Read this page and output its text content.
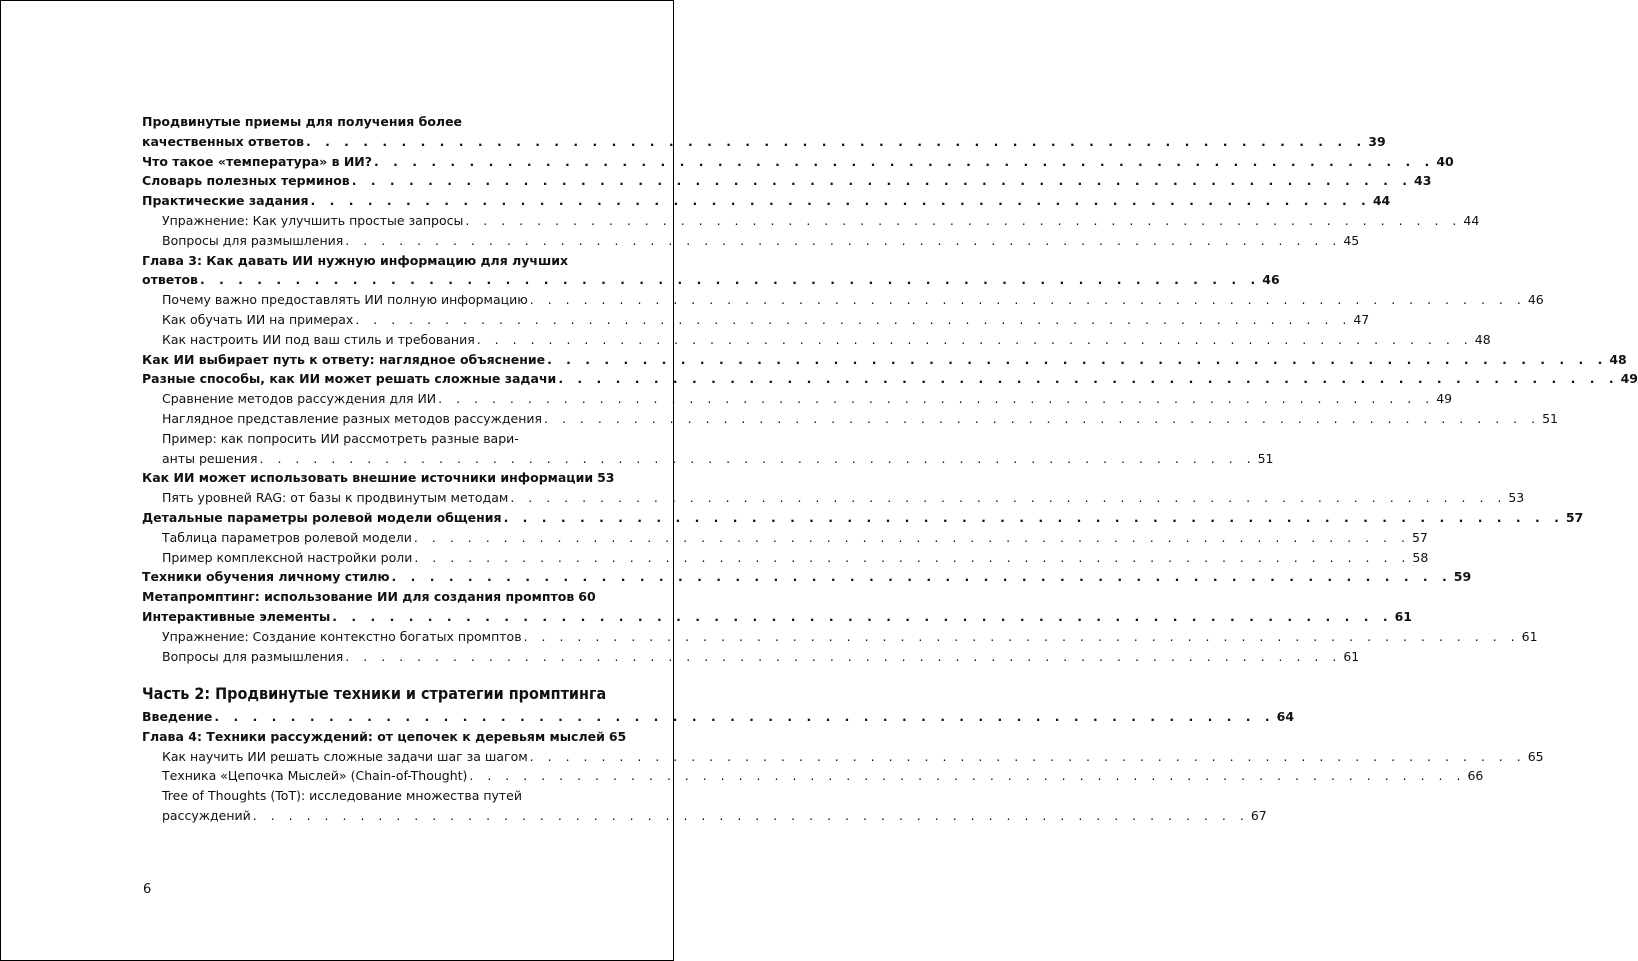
Продвинутые приемы для получения более
качественных ответов . . . . . . . . . . . . . . . . . . . . . . . . . . . . . . . . . . . . . . . . . . . . . . . . . . . . . . . . 39
Что такое «температура» в ИИ? . . . . . . . . . . . . . . . . . . . . . . . . . . . . . . . . . . . . . . . . . . . . . . . . . . . . . . . . 40
Словарь полезных терминов . . . . . . . . . . . . . . . . . . . . . . . . . . . . . . . . . . . . . . . . . . . . . . . . . . . . . . . . 43
Практические задания . . . . . . . . . . . . . . . . . . . . . . . . . . . . . . . . . . . . . . . . . . . . . . . . . . . . . . . . 44
Упражнение: Как улучшить простые запросы . . . . . . . . . . . . . . . . . . . . . . . . . . . . . . . . . . . . . . . . . . . . . . . . . . . . . . . . 44
Вопросы для размышления . . . . . . . . . . . . . . . . . . . . . . . . . . . . . . . . . . . . . . . . . . . . . . . . . . . . . . . . 45
Глава 3: Как давать ИИ нужную информацию для лучших
ответов . . . . . . . . . . . . . . . . . . . . . . . . . . . . . . . . . . . . . . . . . . . . . . . . . . . . . . . . 46
Почему важно предоставлять ИИ полную информацию . . . . . . . . . . . . . . . . . . . . . . . . . . . . . . . . . . . . . . . . . . . . . . . . . . . . . . . . 46
Как обучать ИИ на примерах . . . . . . . . . . . . . . . . . . . . . . . . . . . . . . . . . . . . . . . . . . . . . . . . . . . . . . . . 47
Как настроить ИИ под ваш стиль и требования . . . . . . . . . . . . . . . . . . . . . . . . . . . . . . . . . . . . . . . . . . . . . . . . . . . . . . . . 48
Как ИИ выбирает путь к ответу: наглядное объяснение . . . . . . . . . . . . . . . . . . . . . . . . . . . . . . . . . . . . . . . . . . . . . . . . . . . . . . . . 48
Разные способы, как ИИ может решать сложные задачи . . . . . . . . . . . . . . . . . . . . . . . . . . . . . . . . . . . . . . . . . . . . . . . . . . . . . . . . 49
Сравнение методов рассуждения для ИИ . . . . . . . . . . . . . . . . . . . . . . . . . . . . . . . . . . . . . . . . . . . . . . . . . . . . . . . . 49
Наглядное представление разных методов рассуждения . . . . . . . . . . . . . . . . . . . . . . . . . . . . . . . . . . . . . . . . . . . . . . . . . . . . . . . . 51
Пример: как попросить ИИ рассмотреть разные вари-
анты решения . . . . . . . . . . . . . . . . . . . . . . . . . . . . . . . . . . . . . . . . . . . . . . . . . . . . . . . . 51
Как ИИ может использовать внешние источники информации 53
Пять уровней RAG: от базы к продвинутым методам . . . . . . . . . . . . . . . . . . . . . . . . . . . . . . . . . . . . . . . . . . . . . . . . . . . . . . . . 53
Детальные параметры ролевой модели общения . . . . . . . . . . . . . . . . . . . . . . . . . . . . . . . . . . . . . . . . . . . . . . . . . . . . . . . . 57
Таблица параметров ролевой модели . . . . . . . . . . . . . . . . . . . . . . . . . . . . . . . . . . . . . . . . . . . . . . . . . . . . . . . . 57
Пример комплексной настройки роли . . . . . . . . . . . . . . . . . . . . . . . . . . . . . . . . . . . . . . . . . . . . . . . . . . . . . . . . 58
Техники обучения личному стилю . . . . . . . . . . . . . . . . . . . . . . . . . . . . . . . . . . . . . . . . . . . . . . . . . . . . . . . . 59
Метапромптинг: использование ИИ для создания промптов 60
Интерактивные элементы . . . . . . . . . . . . . . . . . . . . . . . . . . . . . . . . . . . . . . . . . . . . . . . . . . . . . . . . 61
Упражнение: Создание контекстно богатых промптов . . . . . . . . . . . . . . . . . . . . . . . . . . . . . . . . . . . . . . . . . . . . . . . . . . . . . . . . 61
Вопросы для размышления . . . . . . . . . . . . . . . . . . . . . . . . . . . . . . . . . . . . . . . . . . . . . . . . . . . . . . . . 61
Введение . . . . . . . . . . . . . . . . . . . . . . . . . . . . . . . . . . . . . . . . . . . . . . . . . . . . . . . . 64
Глава 4: Техники рассуждений: от цепочек к деревьям мыслей 65
Как научить ИИ решать сложные задачи шаг за шагом . . . . . . . . . . . . . . . . . . . . . . . . . . . . . . . . . . . . . . . . . . . . . . . . . . . . . . . . 65
Техника «Цепочка Мыслей» (Chain-of-Thought) . . . . . . . . . . . . . . . . . . . . . . . . . . . . . . . . . . . . . . . . . . . . . . . . . . . . . . . . 66
Tree of Thoughts (ToT): исследование множества путей
рассуждений . . . . . . . . . . . . . . . . . . . . . . . . . . . . . . . . . . . . . . . . . . . . . . . . . . . . . . . . 67
Часть 2: Продвинутые техники и стратегии промптинга
6
